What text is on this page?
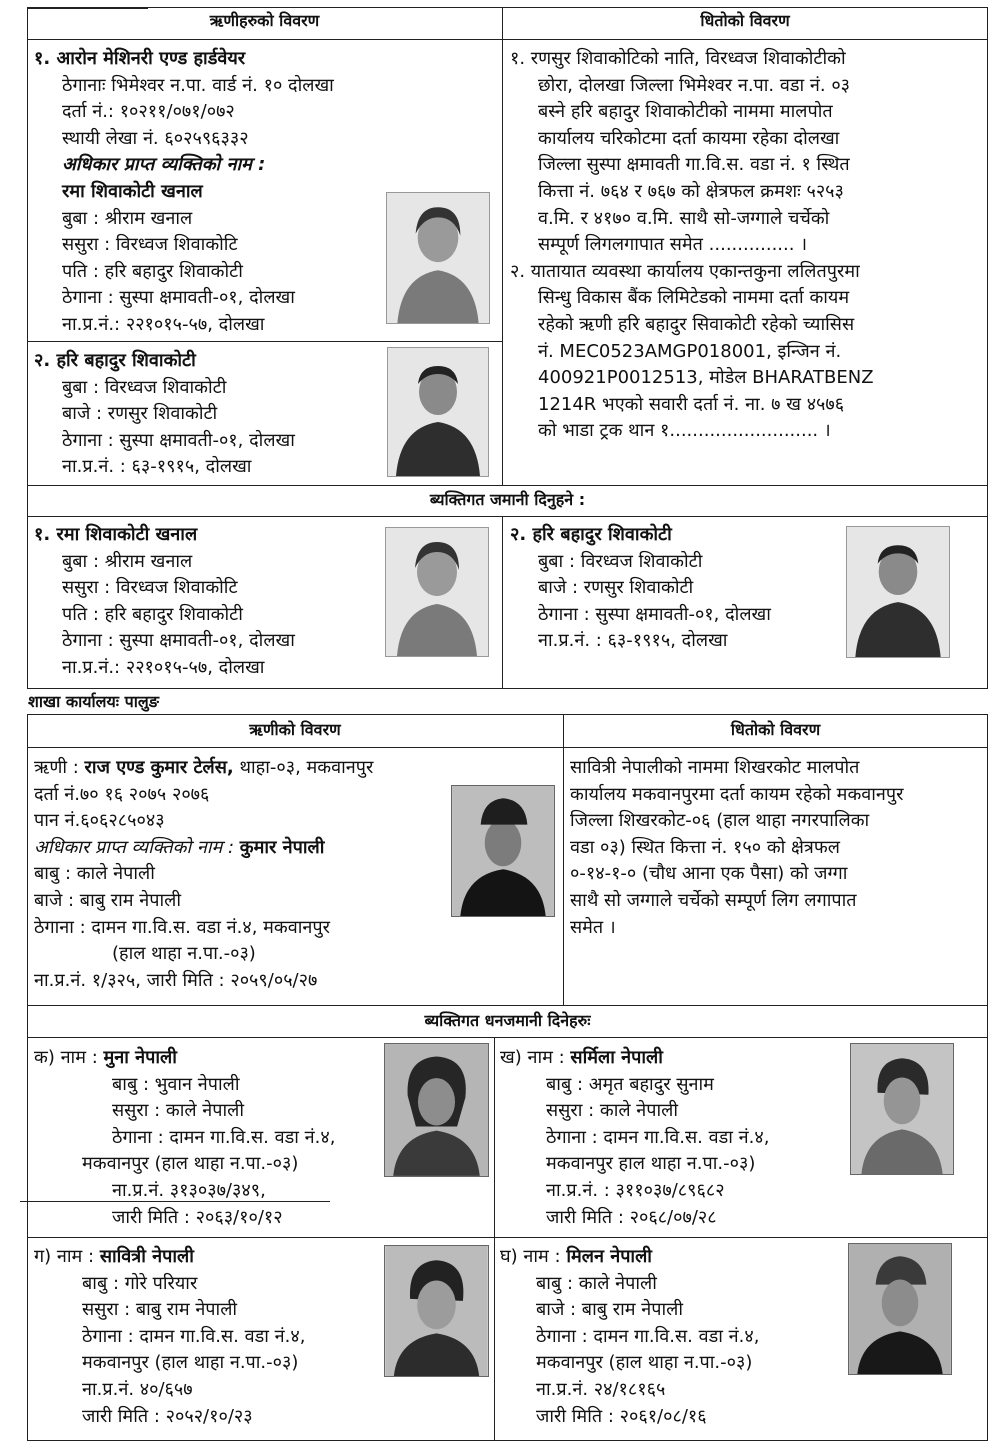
ऋणीहरुको विवरण	धितोको विवरण
१. आरोन मेशिनरी एण्ड हार्डवेयर
ठेगानाः भिमेश्वर न.पा. वार्ड नं. १० दोलखा
दर्ता नं.: १०२११/०७१/०७२
स्थायी लेखा नं. ६०२५९६३३२
अधिकार प्राप्त व्यक्तिको नाम :
रमा शिवाकोटी खनाल
बुबा : श्रीराम खनाल
ससुरा : विरध्वज शिवाकोटि
पति : हरि बहादुर शिवाकोटी
ठेगाना : सुस्पा क्षमावती-०१, दोलखा
ना.प्र.नं.: २२१०१५-५७, दोलखा
२. हरि बहादुर शिवाकोटी
बुबा : विरध्वज शिवाकोटी
बाजे : रणसुर शिवाकोटी
ठेगाना : सुस्पा क्षमावती-०१, दोलखा
ना.प्र.नं. : ६३-१९१५, दोलखा
१. रणसुर शिवाकोटिको नाति, विरध्वज शिवाकोटीको
छोरा, दोलखा जिल्ला भिमेश्वर न.पा. वडा नं. ०३
बस्ने हरि बहादुर शिवाकोटीको नाममा मालपोत
कार्यालय चरिकोटमा दर्ता कायमा रहेका दोलखा
जिल्ला सुस्पा क्षमावती गा.वि.स. वडा नं. १ स्थित
कित्ता नं. ७६४ र ७६७ को क्षेत्रफल क्रमशः ५२५३
व.मि. र ४१७० व.मि. साथै सो-जग्गाले चर्चेको
सम्पूर्ण लिगलगापात समेत ............... ।
२. यातायात व्यवस्था कार्यालय एकान्तकुना ललितपुरमा
सिन्धु विकास बैंक लिमिटेडको नाममा दर्ता कायम
रहेको ऋणी हरि बहादुर सिवाकोटी रहेको च्यासिस
नं. MEC0523AMGP018001, इन्जिन नं.
400921P0012513, मोडेल BHARATBENZ
1214R भएको सवारी दर्ता नं. ना. ७ ख ४५७६
को भाडा ट्रक थान १.......................... ।
ब्यक्तिगत जमानी दिनुहने :
१. रमा शिवाकोटी खनाल
बुबा : श्रीराम खनाल
ससुरा : विरध्वज शिवाकोटि
पति : हरि बहादुर शिवाकोटी
ठेगाना : सुस्पा क्षमावती-०१, दोलखा
ना.प्र.नं.: २२१०१५-५७, दोलखा
२. हरि बहादुर शिवाकोटी
बुबा : विरध्वज शिवाकोटी
बाजे : रणसुर शिवाकोटी
ठेगाना : सुस्पा क्षमावती-०१, दोलखा
ना.प्र.नं. : ६३-१९१५, दोलखा
शाखा कार्यालयः पालुङ
ऋणीको विवरण	धितोको विवरण
ऋणी : राज एण्ड कुमार टेर्लस, थाहा-०३, मकवानपुर
दर्ता नं.७० १६ २०७५ २०७६
पान नं.६०६२८५०४३
अधिकार प्राप्त व्यक्तिको नाम : कुमार नेपाली
बाबु : काले नेपाली
बाजे : बाबु राम नेपाली
ठेगाना : दामन गा.वि.स. वडा नं.४, मकवानपुर
(हाल थाहा न.पा.-०३)
ना.प्र.नं. १/३२५, जारी मिति : २०५९/०५/२७
सावित्री नेपालीको नाममा शिखरकोट मालपोत
कार्यालय मकवानपुरमा दर्ता कायम रहेको मकवानपुर
जिल्ला शिखरकोट-०६ (हाल थाहा नगरपालिका
वडा ०३) स्थित कित्ता नं. १५० को क्षेत्रफल
०-१४-१-० (चौध आना एक पैसा) को जग्गा
साथै सो जग्गाले चर्चेको सम्पूर्ण लिग लगापात
समेत ।
ब्यक्तिगत धनजमानी दिनेहरुः
क) नाम : मुना नेपाली
बाबु : भुवान नेपाली
ससुरा : काले नेपाली
ठेगाना : दामन गा.वि.स. वडा नं.४,
मकवानपुर (हाल थाहा न.पा.-०३)
ना.प्र.नं. ३१३०३७/३४९,
जारी मिति : २०६३/१०/१२
ख) नाम : सर्मिला नेपाली
बाबु : अमृत बहादुर सुनाम
ससुरा : काले नेपाली
ठेगाना : दामन गा.वि.स. वडा नं.४,
मकवानपुर हाल थाहा न.पा.-०३)
ना.प्र.नं. : ३११०३७/८९६८२
जारी मिति : २०६८/०७/२८
ग) नाम : सावित्री नेपाली
बाबु : गोरे परियार
ससुरा : बाबु राम नेपाली
ठेगाना : दामन गा.वि.स. वडा नं.४,
मकवानपुर (हाल थाहा न.पा.-०३)
ना.प्र.नं. ४०/६५७
जारी मिति : २०५२/१०/२३
घ) नाम : मिलन नेपाली
बाबु : काले नेपाली
बाजे : बाबु राम नेपाली
ठेगाना : दामन गा.वि.स. वडा नं.४,
मकवानपुर (हाल थाहा न.पा.-०३)
ना.प्र.नं. २४/१८१६५
जारी मिति : २०६१/०८/१६
